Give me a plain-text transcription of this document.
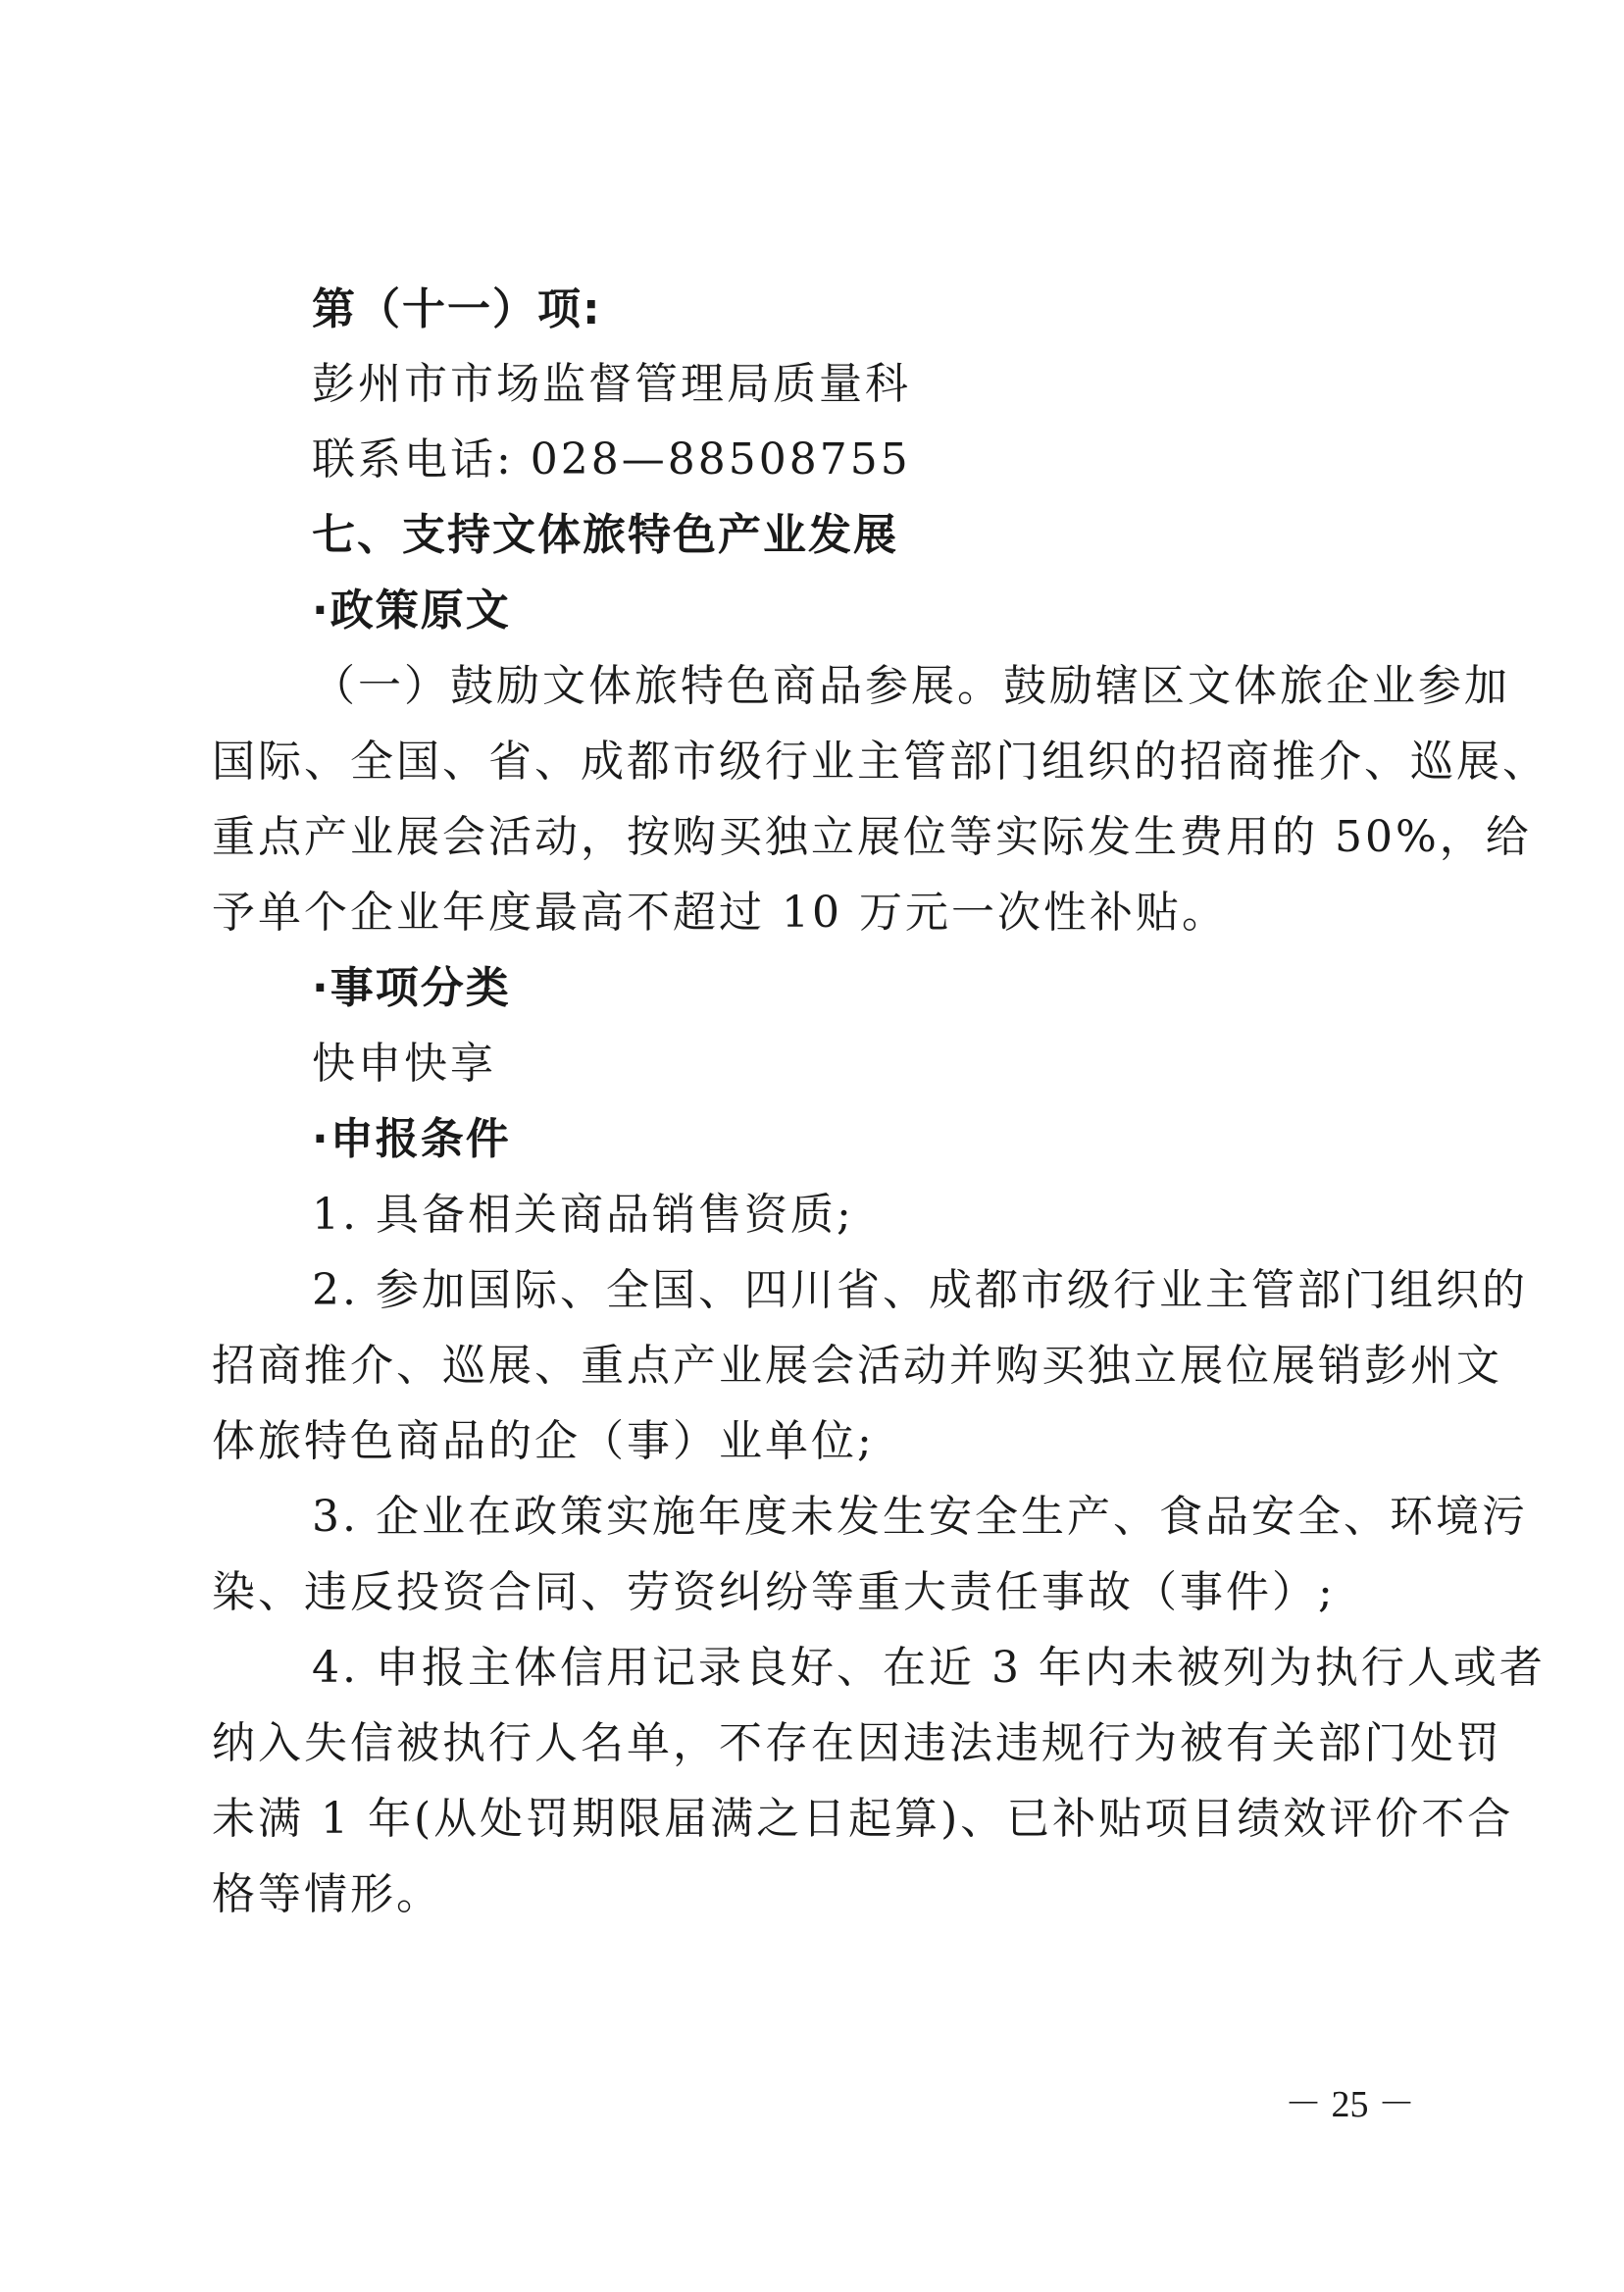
第（十一）项:
彭州市市场监督管理局质量科
联系电话: 028—88508755
七、支持文体旅特色产业发展
·政策原文
（一）鼓励文体旅特色商品参展。鼓励辖区文体旅企业参加
国际、全国、省、成都市级行业主管部门组织的招商推介、巡展、
重点产业展会活动，按购买独立展位等实际发生费用的 50%，给
予单个企业年度最高不超过 10 万元一次性补贴。
·事项分类
快申快享
·申报条件
1. 具备相关商品销售资质;
2. 参加国际、全国、四川省、成都市级行业主管部门组织的
招商推介、巡展、重点产业展会活动并购买独立展位展销彭州文
体旅特色商品的企（事）业单位;
3. 企业在政策实施年度未发生安全生产、食品安全、环境污
染、违反投资合同、劳资纠纷等重大责任事故（事件）;
4. 申报主体信用记录良好、在近 3 年内未被列为执行人或者
纳入失信被执行人名单，不存在因违法违规行为被有关部门处罚
未满 1 年(从处罚期限届满之日起算)、已补贴项目绩效评价不合
格等情形。
－ 25 －
